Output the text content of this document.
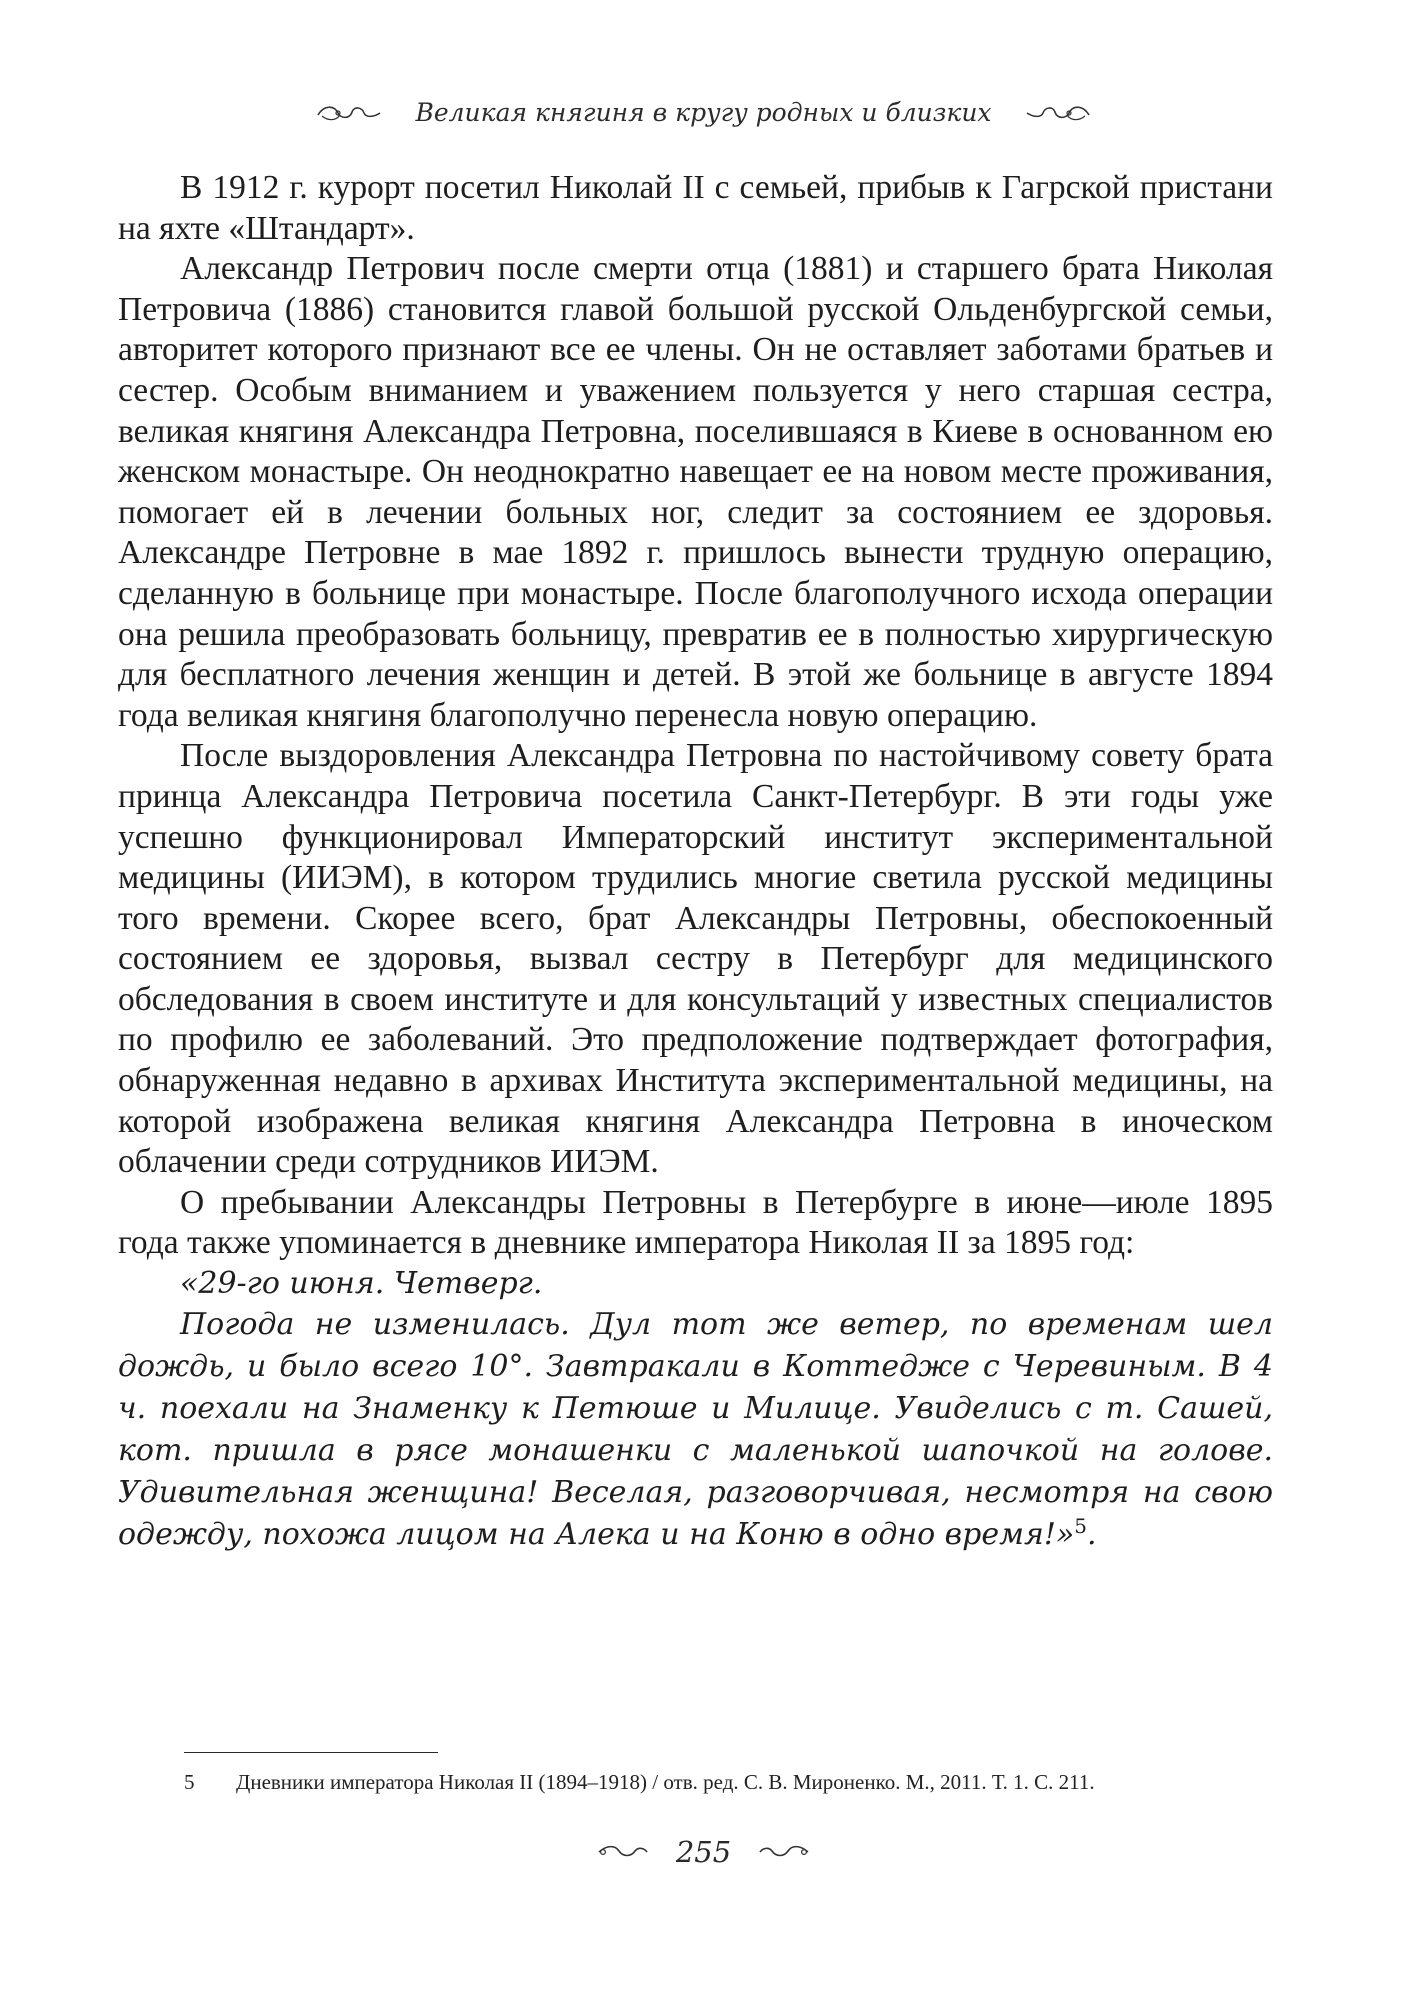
Великая княгиня в кругу родных и близких

В 1912 г. курорт посетил Николай II с семьей, прибыв к Гагрской пристани на яхте «Штандарт».

Александр Петрович после смерти отца (1881) и старшего брата Николая Петровича (1886) становится главой большой русской Ольденбургской семьи, авторитет которого признают все ее члены. Он не оставляет заботами братьев и сестер. Особым вниманием и уважением пользуется у него старшая сестра, великая княгиня Александра Петровна, поселившаяся в Киеве в основанном ею женском монастыре. Он неоднократно навещает ее на новом месте проживания, помогает ей в лечении больных ног, следит за состоянием ее здоровья. Александре Петровне в мае 1892 г. пришлось вынести трудную операцию, сделанную в больнице при монастыре. После благополучного исхода операции она решила преобразовать больницу, превратив ее в полностью хирургическую для бесплатного лечения женщин и детей. В этой же больнице в августе 1894 года великая княгиня благополучно перенесла новую операцию.

После выздоровления Александра Петровна по настойчивому совету брата принца Александра Петровича посетила Санкт-Петербург. В эти годы уже успешно функционировал Императорский институт экспериментальной медицины (ИИЭМ), в котором трудились многие светила русской медицины того времени. Скорее всего, брат Александры Петровны, обеспокоенный состоянием ее здоровья, вызвал сестру в Петербург для медицинского обследования в своем институте и для консультаций у известных специалистов по профилю ее заболеваний. Это предположение подтверждает фотография, обнаруженная недавно в архивах Института экспериментальной медицины, на которой изображена великая княгиня Александра Петровна в иноческом облачении среди сотрудников ИИЭМ.

О пребывании Александры Петровны в Петербурге в июне—июле 1895 года также упоминается в дневнике императора Николая II за 1895 год:

«29-го июня. Четверг.

Погода не изменилась. Дул тот же ветер, по временам шел дождь, и было всего 10°. Завтракали в Коттедже с Черевиным. В 4 ч. поехали на Знаменку к Петюше и Милице. Увиделись с т. Сашей, кот. пришла в рясе монашенки с маленькой шапочкой на голове. Удивительная женщина! Веселая, разговорчивая, несмотря на свою одежду, похожа лицом на Алека и на Коню в одно время!»$^5$.

5 Дневники императора Николая II (1894–1918) / отв. ред. С. В. Мироненко. М., 2011. Т. 1. С. 211.
255
